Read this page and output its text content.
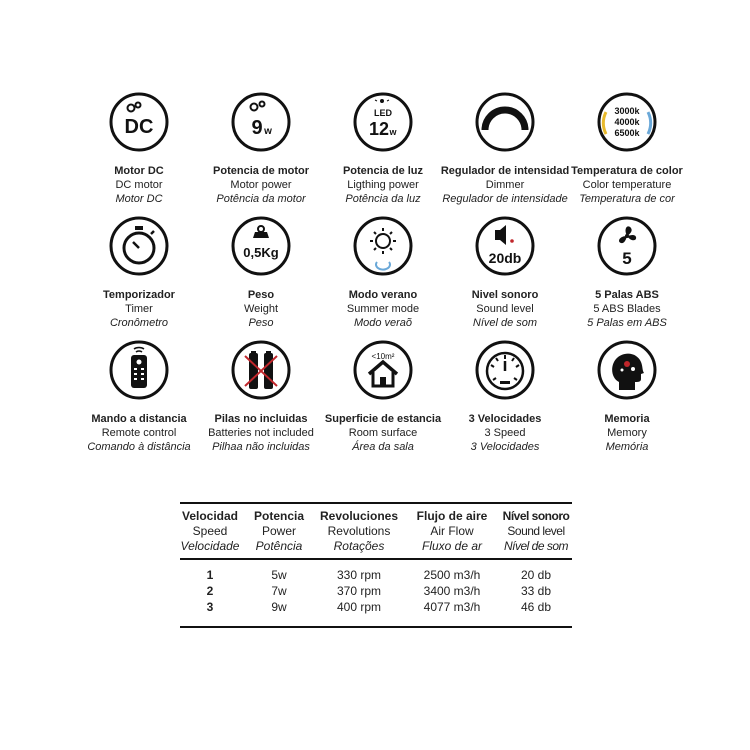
DC
Motor DC
DC motor
Motor DC
9 w
Potencia de motor
Motor power
Potência da motor
LED
12 w
Potencia de luz
Ligthing power
Potência da luz
Regulador de intensidad
Dimmer
Regulador de intensidade
3000k
4000k
6500k
Temperatura de color
Color temperature
Temperatura de cor
Temporizador
Timer
Cronômetro
0,5Kg
Peso
Weight
Peso
Modo verano
Summer mode
Modo veraõ
20db
Nivel sonoro
Sound level
Nível de som
5
5 Palas ABS
5 ABS Blades
5 Palas em ABS
Mando a distancia
Remote control
Comando à distância
Pilas no incluidas
Batteries not included
Pilhaa não incluidas
<10m²
Superficie de estancia
Room surface
Área da sala
3 Velocidades
3 Speed
3 Velocidades
Memoria
Memory
Memória
Velocidad
Speed
Velocidade
Potencia
Power
Potência
Revoluciones
Revolutions
Rotações
Flujo de aire
Air Flow
Fluxo de ar
Nível sonoro
Sound level
Nível de som
1	5w	330 rpm	2500 m3/h	20 db
2	7w	370 rpm	3400 m3/h	33 db
3	9w	400 rpm	4077 m3/h	46 db
